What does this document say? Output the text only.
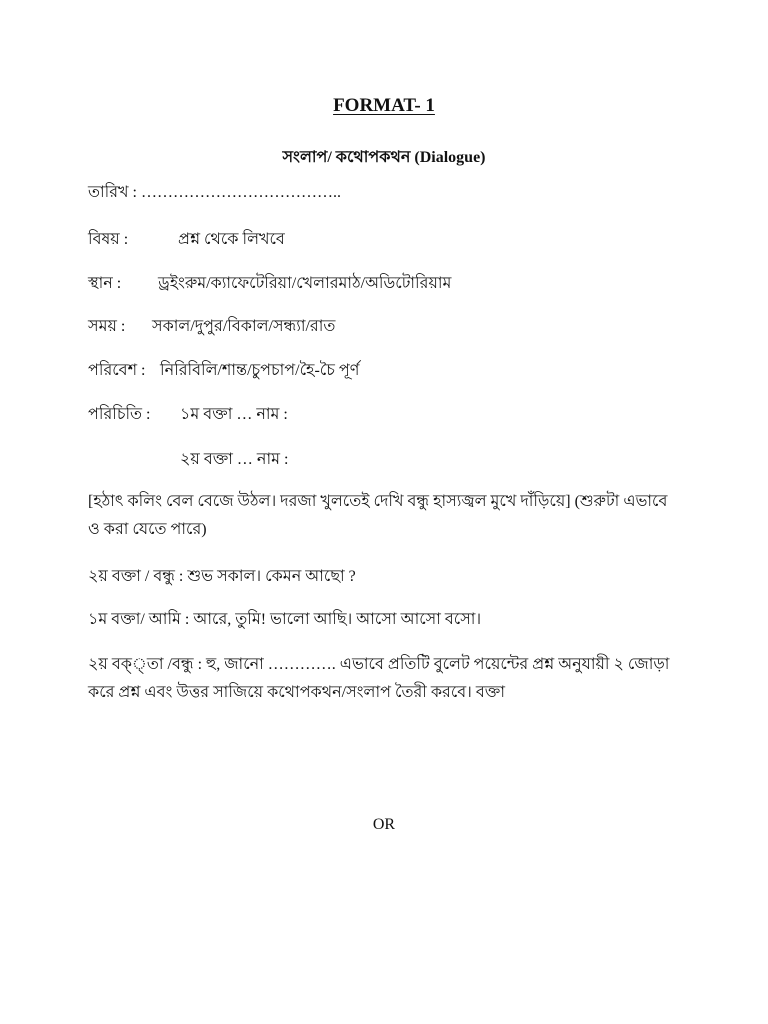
FORMAT- 1
সংলাপ/ কথোপকথন (Dialogue)
তারিখ : ………………………………..
বিষয় :	প্রশ্ন থেকে লিখবে
স্থান : ড্রইংরুম/ক্যাফেটেরিয়া/খেলারমাঠ/অডিটোরিয়াম
সময় : সকাল/দুপুর/বিকাল/সন্ধ্যা/রাত
পরিবেশ : নিরিবিলি/শান্ত/চুপচাপ/হৈ-চৈ পূর্ণ
পরিচিতি : ১ম বক্তা … নাম :
২য় বক্তা … নাম :
[হঠাৎ কলিং বেল বেজে উঠল। দরজা খুলতেই দেখি বন্ধু হাস্যজ্বল মুখে দাঁড়িয়ে] (শুরুটা এভাবে ও করা যেতে পারে)
২য় বক্তা / বন্ধু : শুভ সকাল। কেমন আছো ?
১ম বক্তা/ আমি : আরে, তুমি! ভালো আছি। আসো আসো বসো।
২য় বক্্তা /বন্ধু : হু, জানো …………. এভাবে প্রতিটি বুলেট পয়েন্টের প্রশ্ন অনুযায়ী ২ জোড়া করে প্রশ্ন এবং উত্তর সাজিয়ে কথোপকথন/সংলাপ তৈরী করবে। বক্তা
OR
